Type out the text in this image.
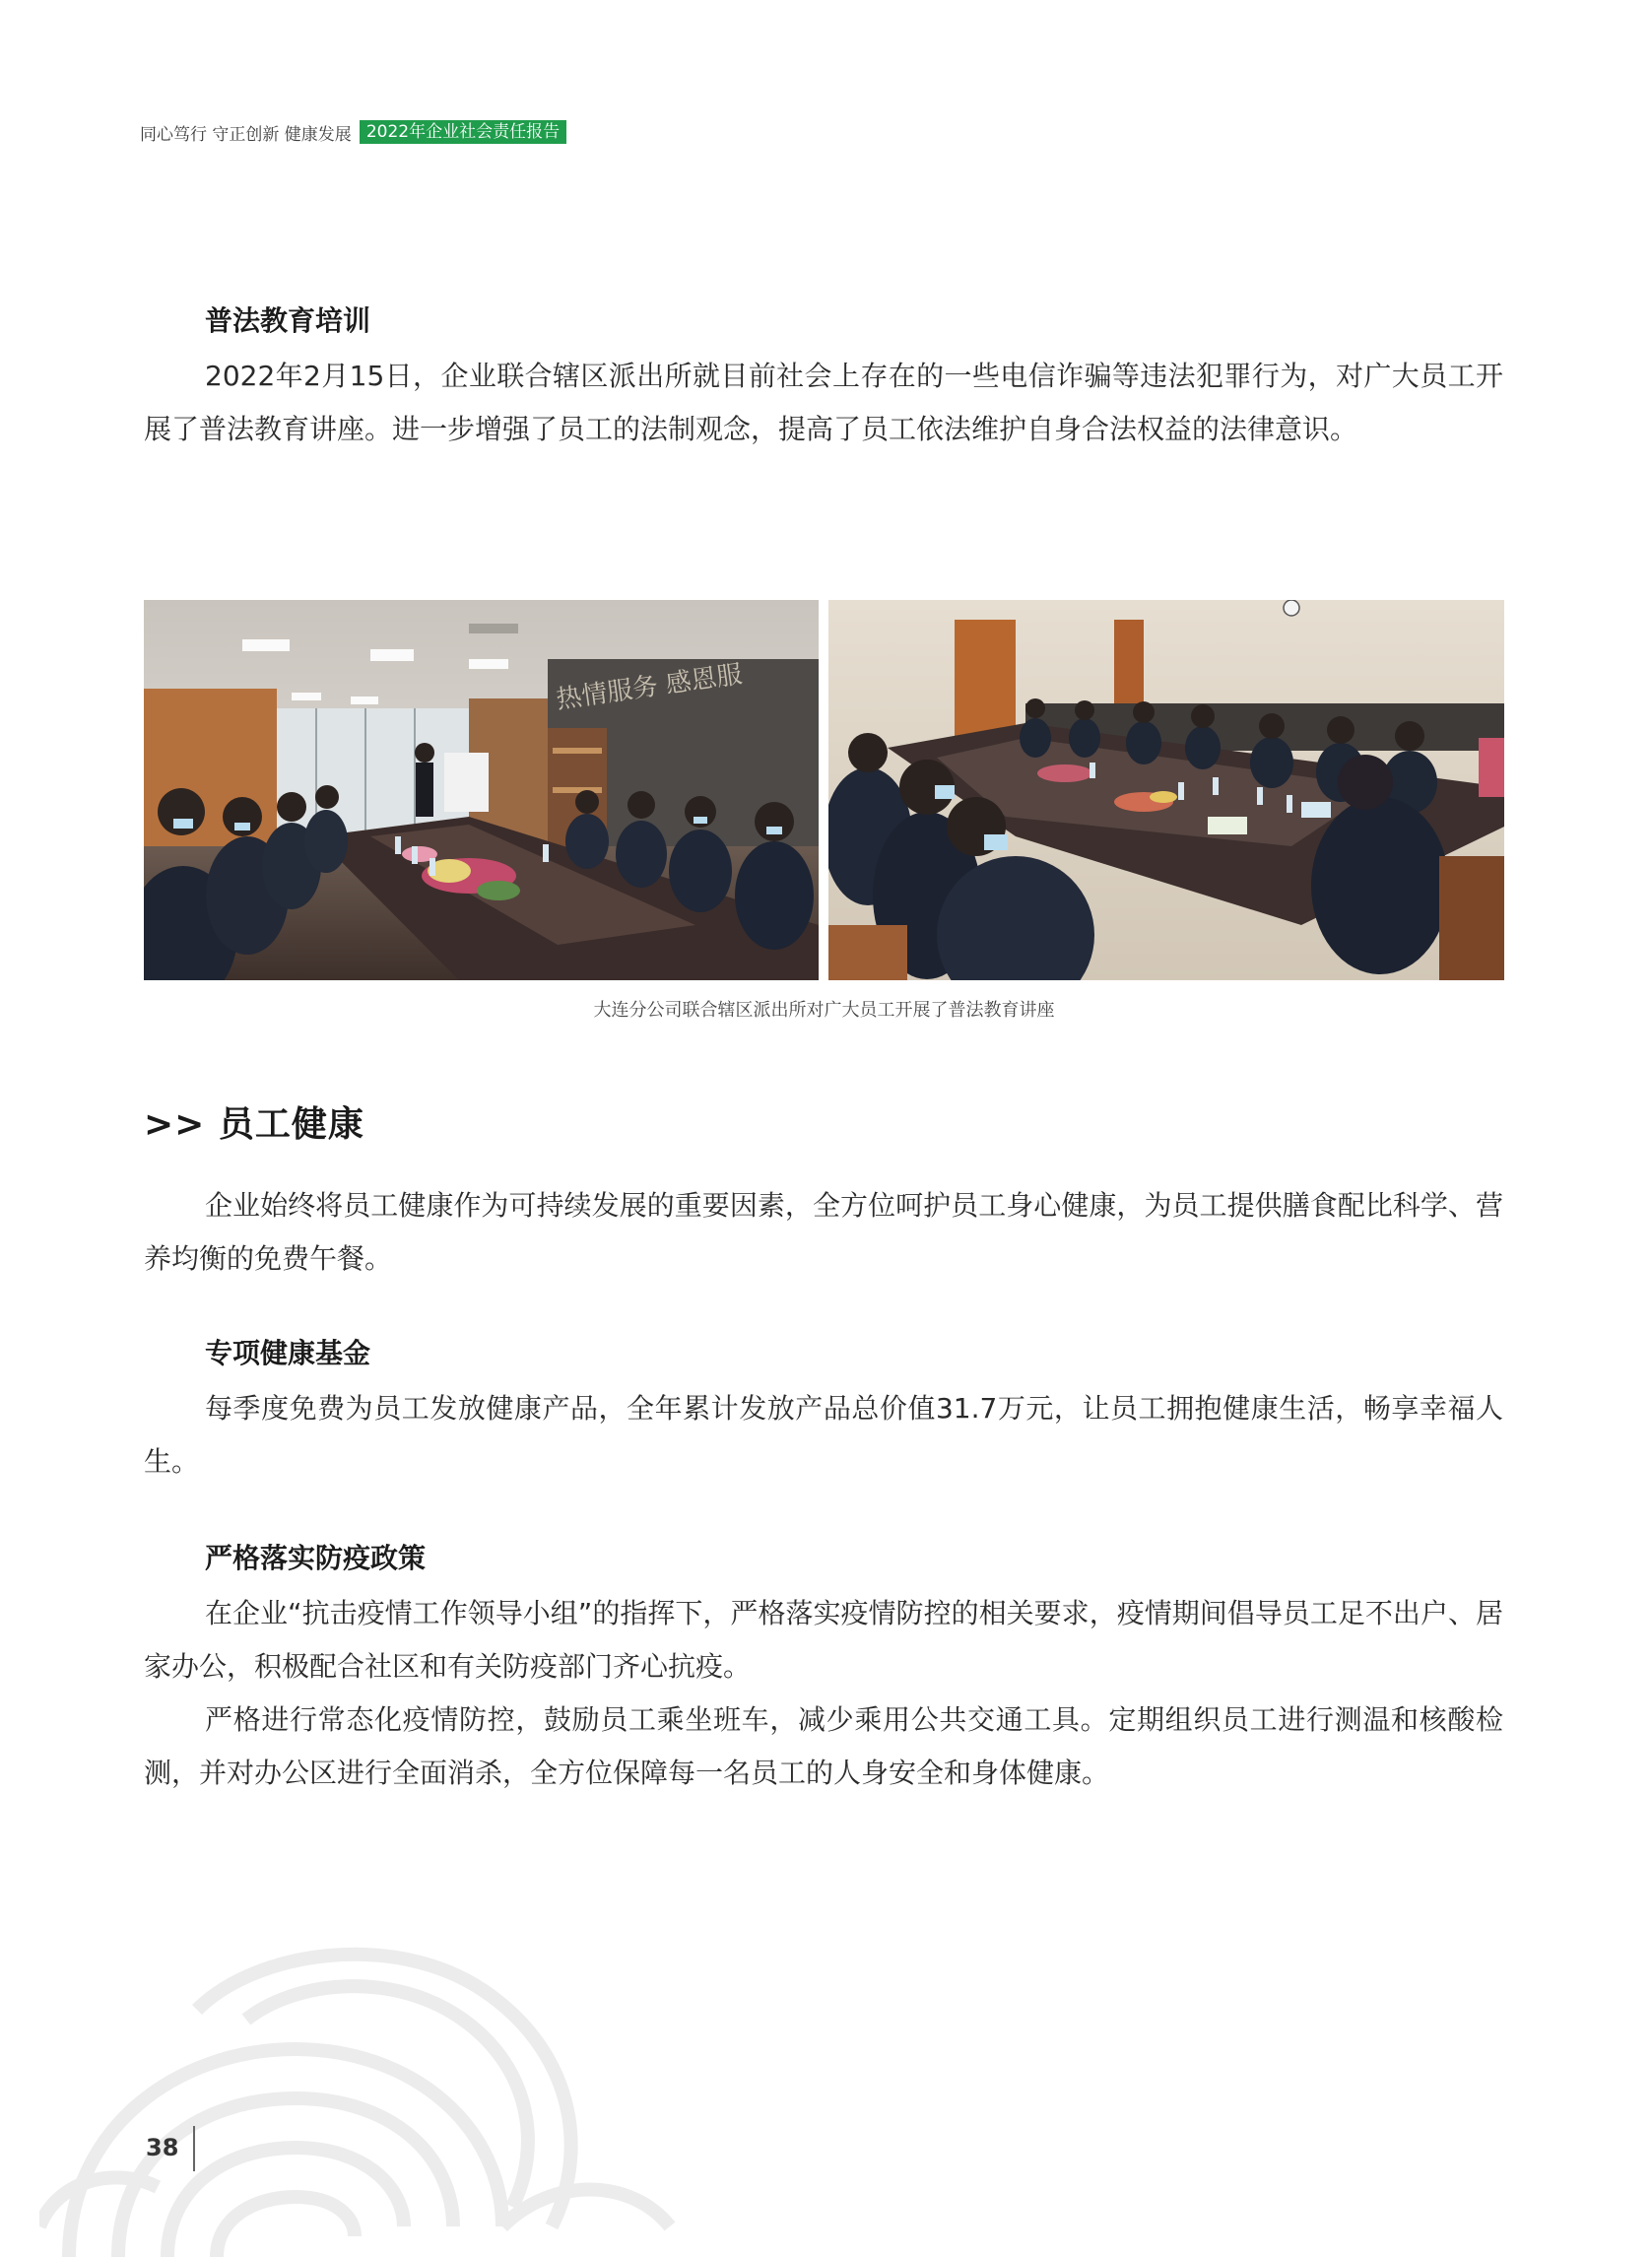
同心笃行 守正创新 健康发展 2022年企业社会责任报告
普法教育培训

2022年2月15日，企业联合辖区派出所就目前社会上存在的一些电信诈骗等违法犯罪行为，对广大员工开展了普法教育讲座。进一步增强了员工的法制观念，提高了员工依法维护自身合法权益的法律意识。

热情服务 感恩服
大连分公司联合辖区派出所对广大员工开展了普法教育讲座
>> 员工健康

企业始终将员工健康作为可持续发展的重要因素，全方位呵护员工身心健康，为员工提供膳食配比科学、营养均衡的免费午餐。

专项健康基金

每季度免费为员工发放健康产品，全年累计发放产品总价值31.7万元，让员工拥抱健康生活，畅享幸福人生。

严格落实防疫政策

在企业“抗击疫情工作领导小组”的指挥下，严格落实疫情防控的相关要求，疫情期间倡导员工足不出户、居家办公，积极配合社区和有关防疫部门齐心抗疫。

严格进行常态化疫情防控，鼓励员工乘坐班车，减少乘用公共交通工具。定期组织员工进行测温和核酸检测，并对办公区进行全面消杀，全方位保障每一名员工的人身安全和身体健康。

38
